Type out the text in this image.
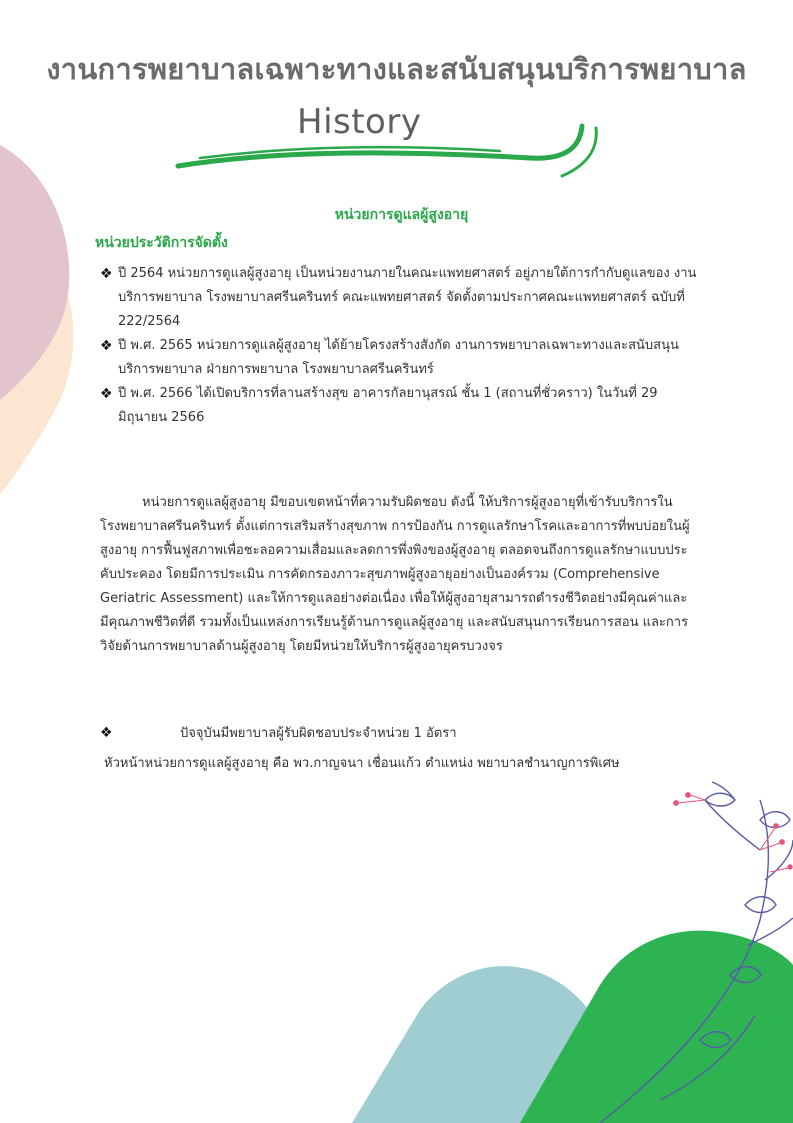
งานการพยาบาลเฉพาะทางและสนับสนุนบริการพยาบาล
History
หน่วยการดูแลผู้สูงอายุ
หน่วยประวัติการจัดตั้ง
❖ ปี 2564 หน่วยการดูแลผู้สูงอายุ เป็นหน่วยงานภายในคณะแพทยศาสตร์ อยู่ภายใต้การกำกับดูแลของ งานบริการพยาบาล โรงพยาบาลศรีนครินทร์ คณะแพทยศาสตร์ จัดตั้งตามประกาศคณะแพทยศาสตร์ ฉบับที่ 222/2564
❖ ปี พ.ศ. 2565 หน่วยการดูแลผู้สูงอายุ ได้ย้ายโครงสร้างสังกัด งานการพยาบาลเฉพาะทางและสนับสนุนบริการพยาบาล ฝ่ายการพยาบาล โรงพยาบาลศรีนครินทร์
❖ ปี พ.ศ. 2566 ได้เปิดบริการที่ลานสร้างสุข อาคารกัลยานุสรณ์ ชั้น 1 (สถานที่ชั่วคราว) ในวันที่ 29 มิถุนายน 2566

หน่วยการดูแลผู้สูงอายุ มีขอบเขตหน้าที่ความรับผิดชอบ ดังนี้ ให้บริการผู้สูงอายุที่เข้ารับบริการในโรงพยาบาลศรีนครินทร์ ตั้งแต่การเสริมสร้างสุขภาพ การป้องกัน การดูแลรักษาโรคและอาการที่พบบ่อยในผู้สูงอายุ การฟื้นฟูสภาพเพื่อชะลอความเสื่อมและลดการพึ่งพิงของผู้สูงอายุ ตลอดจนถึงการดูแลรักษาแบบประคับประคอง โดยมีการประเมิน การคัดกรองภาวะสุขภาพผู้สูงอายุอย่างเป็นองค์รวม (Comprehensive Geriatric Assessment) และให้การดูแลอย่างต่อเนื่อง เพื่อให้ผู้สูงอายุสามารถดำรงชีวิตอย่างมีคุณค่าและมีคุณภาพชีวิตที่ดี รวมทั้งเป็นแหล่งการเรียนรู้ด้านการดูแลผู้สูงอายุ และสนับสนุนการเรียนการสอน และการวิจัยด้านการพยาบาลด้านผู้สูงอายุ โดยมีหน่วยให้บริการผู้สูงอายุครบวงจร

❖	ปัจจุบันมีพยาบาลผู้รับผิดชอบประจำหน่วย 1 อัตรา
หัวหน้าหน่วยการดูแลผู้สูงอายุ คือ พว.กาญจนา เชื่อนแก้ว ตำแหน่ง พยาบาลชำนาญการพิเศษ
